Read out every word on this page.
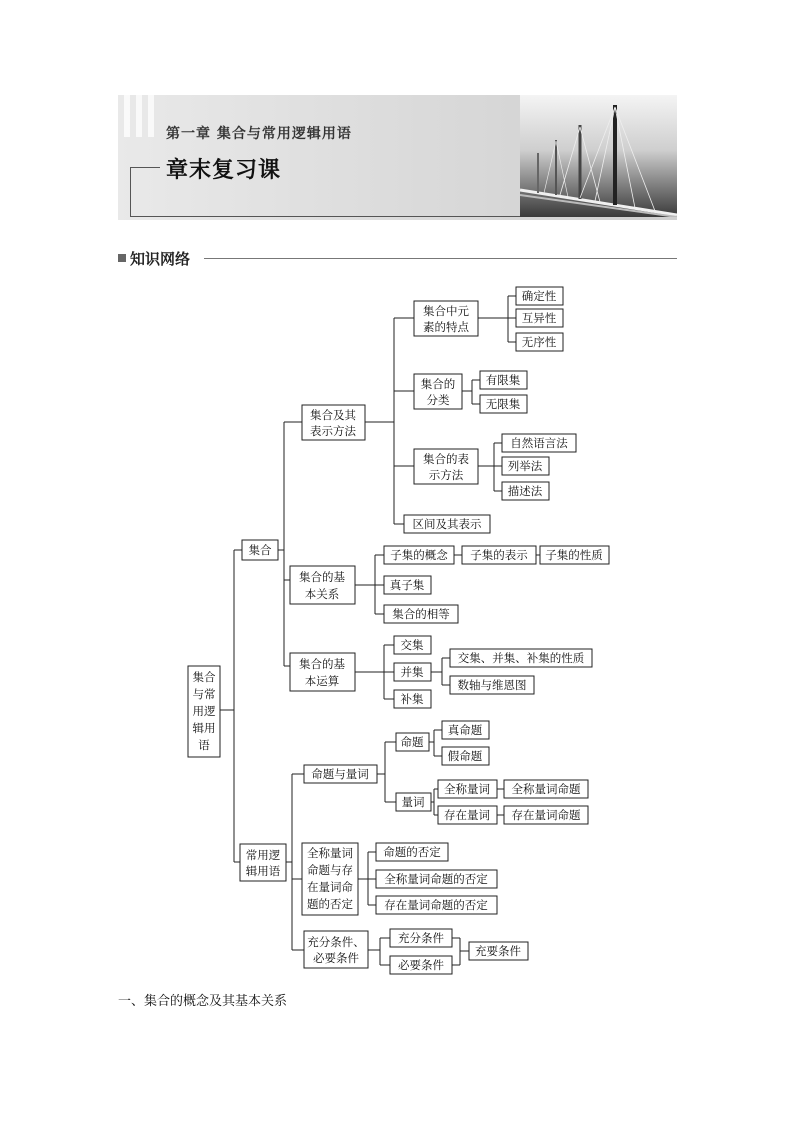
第一章 集合与常用逻辑用语
章末复习课
知识网络
集合
与常
用逻
辑用
语
集合
集合及其
表示方法
集合中元
素的特点
确定性
互异性
无序性
集合的
分类
有限集
无限集
集合的表
示方法
自然语言法
列举法
描述法
区间及其表示
集合的基
本关系
子集的概念 子集的表示 子集的性质
真子集
集合的相等
集合的基
本运算
交集
并集
补集
交集、并集、补集的性质
数轴与维恩图
常用逻
辑用语
命题与量词
命题
真命题
假命题
量词
全称量词 全称量词命题
存在量词 存在量词命题
全称量词
命题与存
在量词命
题的否定
命题的否定
全称量词命题的否定
存在量词命题的否定
充分条件、
必要条件
充分条件
必要条件
充要条件
一、集合的概念及其基本关系
